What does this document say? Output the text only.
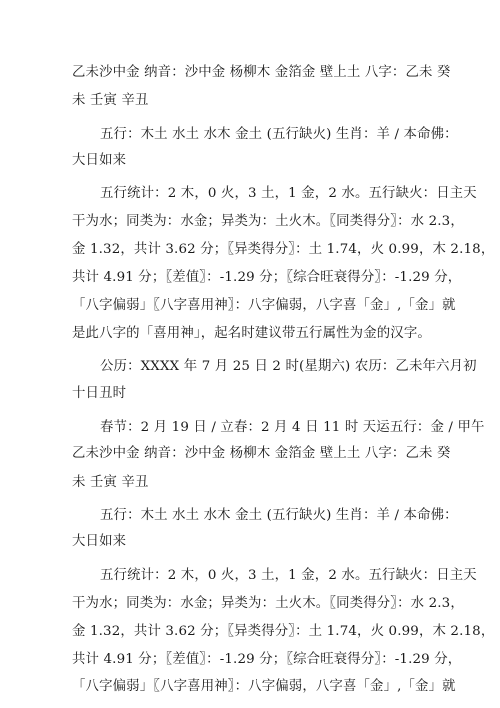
乙未沙中金 纳音：沙中金 杨柳木 金箔金 壁上土 八字：乙未 癸
未 壬寅 辛丑
五行：木土 水土 水木 金土 (五行缺火) 生肖：羊 / 本命佛：
大日如来
五行统计：2 木，0 火，3 土，1 金，2 水。五行缺火：日主天
干为水；同类为：水金；异类为：土火木。〖同类得分〗：水 2.3，
金 1.32，共计 3.62 分；〖异类得分〗：土 1.74，火 0.99，木 2.18，
共计 4.91 分；〖差值〗：-1.29 分；〖综合旺衰得分〗：-1.29 分，
「八字偏弱」〖八字喜用神〗：八字偏弱，八字喜「金」,「金」就
是此八字的「喜用神」，起名时建议带五行属性为金的汉字。
公历：XXXX 年 7 月 25 日 2 时(星期六) 农历：乙未年六月初
十日丑时
春节：2 月 19 日 / 立春：2 月 4 日 11 时 天运五行：金 / 甲午
乙未沙中金 纳音：沙中金 杨柳木 金箔金 壁上土 八字：乙未 癸
未 壬寅 辛丑
五行：木土 水土 水木 金土 (五行缺火) 生肖：羊 / 本命佛：
大日如来
五行统计：2 木，0 火，3 土，1 金，2 水。五行缺火：日主天
干为水；同类为：水金；异类为：土火木。〖同类得分〗：水 2.3，
金 1.32，共计 3.62 分；〖异类得分〗：土 1.74，火 0.99，木 2.18，
共计 4.91 分；〖差值〗：-1.29 分；〖综合旺衰得分〗：-1.29 分，
「八字偏弱」〖八字喜用神〗：八字偏弱，八字喜「金」,「金」就
